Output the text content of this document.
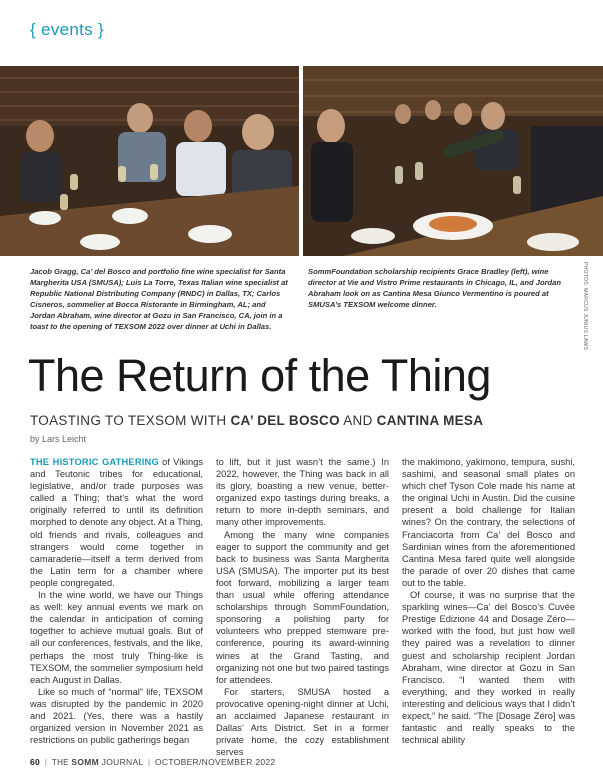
{ events }
Jacob Gragg, Ca’ del Bosco and portfolio fine wine specialist for Santa Margherita USA (SMUSA); Luis La Torre, Texas Italian wine specialist at Republic National Distributing Company (RNDC) in Dallas, TX; Carlos Cisneros, sommelier at Bocca Ristorante in Birmingham, AL; and Jordan Abraham, wine director at Gozu in San Francisco, CA, join in a toast to the opening of TEXSOM 2022 over dinner at Uchi in Dallas.
SommFoundation scholarship recipients Grace Bradley (left), wine director at Vie and Vistro Prime restaurants in Chicago, IL, and Jordan Abraham look on as Cantina Mesa Giunco Vermentino is poured at SMUSA’s TEXSOM welcome dinner.	PHOTOS: MARCUS JUNIUS LAWS
The Return of the Thing
TOASTING TO TEXSOM WITH CA’ DEL BOSCO AND CANTINA MESA
by Lars Leicht

THE HISTORIC GATHERING of Vikings and Teutonic tribes for educational, legislative, and/or trade purposes was called a Thing; that’s what the word originally referred to until its definition morphed to denote any object. At a Thing, old friends and rivals, colleagues and strangers would come together in camaraderie—itself a term derived from the Latin term for a chamber where people congregated.

In the wine world, we have our Things as well: key annual events we mark on the calendar in anticipation of coming together to achieve mutual goals. But of all our conferences, festivals, and the like, perhaps the most truly Thing-like is TEXSOM, the sommelier symposium held each August in Dallas.

Like so much of “normal” life, TEXSOM was disrupted by the pandemic in 2020 and 2021. (Yes, there was a hastily organized version in November 2021 as restrictions on public gatherings began

to lift, but it just wasn’t the same.) In 2022, however, the Thing was back in all its glory, boasting a new venue, better-organized expo tastings during breaks, a return to more in-depth seminars, and many other improvements.

Among the many wine companies eager to support the community and get back to business was Santa Margherita USA (SMUSA). The importer put its best foot forward, mobilizing a larger team than usual while offering attendance scholarships through SommFoundation, sponsoring a polishing party for volunteers who prepped stemware pre-conference, pouring its award-winning wines at the Grand Tasting, and organizing not one but two paired tastings for attendees.

For starters, SMUSA hosted a provocative opening-night dinner at Uchi, an acclaimed Japanese restaurant in Dallas’ Arts District. Set in a former private home, the cozy establishment serves

the makimono, yakimono, tempura, sushi, sashimi, and seasonal small plates on which chef Tyson Cole made his name at the original Uchi in Austin. Did the cuisine present a bold challenge for Italian wines? On the contrary, the selections of Franciacorta from Ca’ del Bosco and Sardinian wines from the aforementioned Cantina Mesa fared quite well alongside the parade of over 20 dishes that came out to the table.

Of course, it was no surprise that the sparkling wines—Ca’ del Bosco’s Cuvée Prestige Edizione 44 and Dosage Zéro—worked with the food, but just how well they paired was a revelation to dinner guest and scholarship recipient Jordan Abraham, wine director at Gozu in San Francisco. “I wanted them with everything, and they worked in really interesting and delicious ways that I didn’t expect,” he said. “The [Dosage Zéro] was fantastic and really speaks to the technical ability

60 | THE SOMM JOURNAL | OCTOBER/NOVEMBER 2022
